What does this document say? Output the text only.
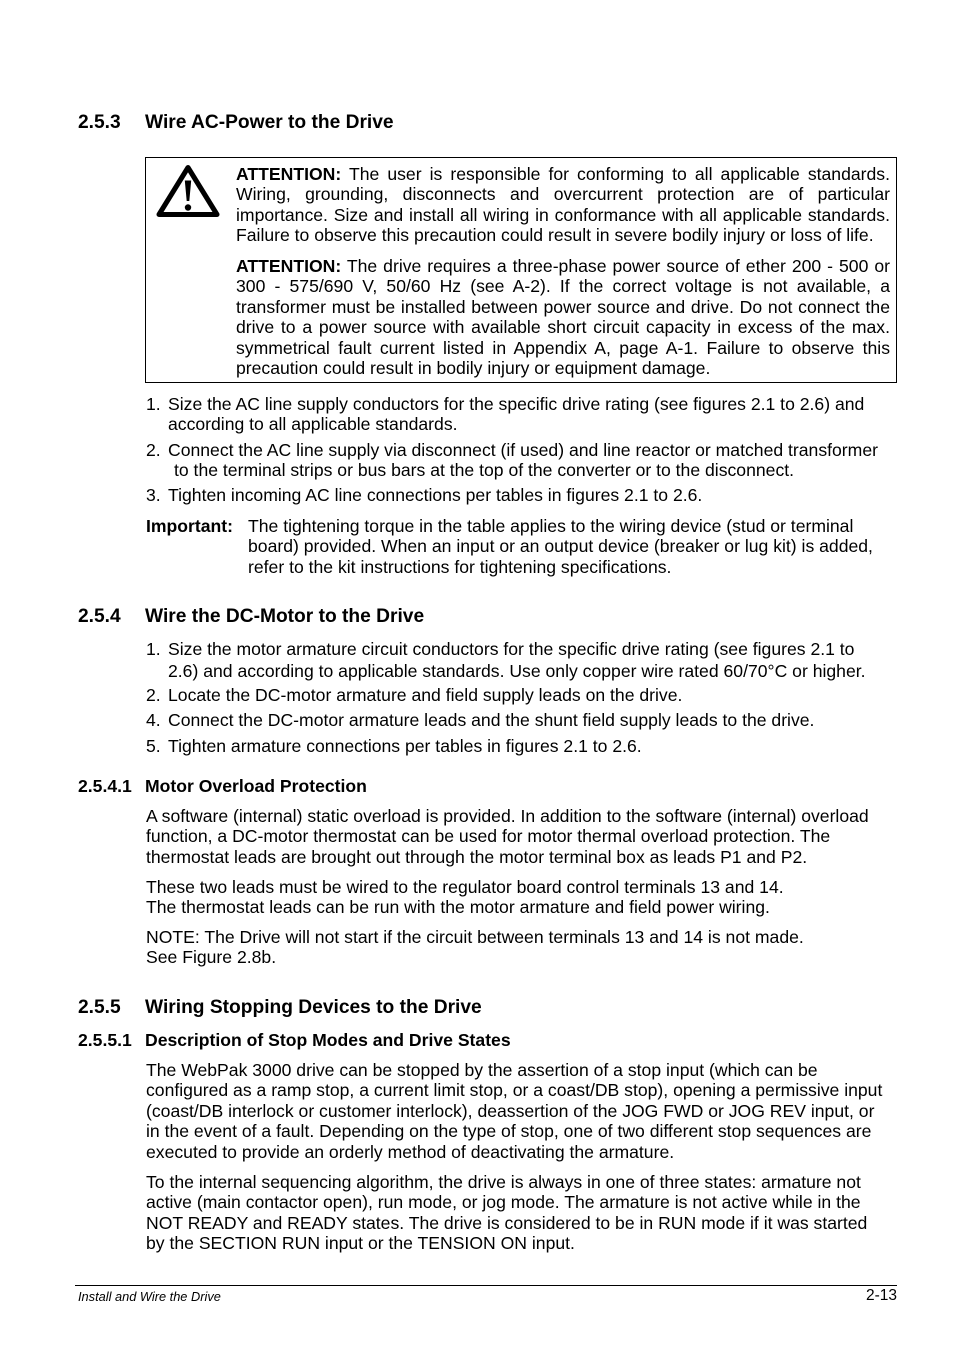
2.5.3 Wire AC-Power to the Drive
ATTENTION: The user is responsible for conforming to all applicable standards.
Wiring, grounding, disconnects and overcurrent protection are of particular
importance. Size and install all wiring in conformance with all applicable standards.
Failure to observe this precaution could result in severe bodily injury or loss of life.
ATTENTION: The drive requires a three-phase power source of ether 200 - 500 or
300 - 575/690 V, 50/60 Hz (see A-2). If the correct voltage is not available, a
transformer must be installed between power source and drive. Do not connect the
drive to a power source with available short circuit capacity in excess of the max.
symmetrical fault current listed in Appendix A, page A-1. Failure to observe this
precaution could result in bodily injury or equipment damage.
1. Size the AC line supply conductors for the specific drive rating (see figures 2.1 to 2.6) and
according to all applicable standards.
2. Connect the AC line supply via disconnect (if used) and line reactor or matched transformer
to the terminal strips or bus bars at the top of the converter or to the disconnect.
3. Tighten incoming AC line connections per tables in figures 2.1 to 2.6.
Important: The tightening torque in the table applies to the wiring device (stud or terminal
board) provided. When an input or an output device (breaker or lug kit) is added,
refer to the kit instructions for tightening specifications.
2.5.4 Wire the DC-Motor to the Drive
1. Size the motor armature circuit conductors for the specific drive rating (see figures 2.1 to
2.6) and according to applicable standards. Use only copper wire rated 60/70°C or higher.
2. Locate the DC-motor armature and field supply leads on the drive.
4. Connect the DC-motor armature leads and the shunt field supply leads to the drive.
5. Tighten armature connections per tables in figures 2.1 to 2.6.
2.5.4.1 Motor Overload Protection
A software (internal) static overload is provided. In addition to the software (internal) overload
function, a DC-motor thermostat can be used for motor thermal overload protection. The
thermostat leads are brought out through the motor terminal box as leads P1 and P2.
These two leads must be wired to the regulator board control terminals 13 and 14.
The thermostat leads can be run with the motor armature and field power wiring.
NOTE: The Drive will not start if the circuit between terminals 13 and 14 is not made.
See Figure 2.8b.
2.5.5 Wiring Stopping Devices to the Drive
2.5.5.1 Description of Stop Modes and Drive States
The WebPak 3000 drive can be stopped by the assertion of a stop input (which can be
configured as a ramp stop, a current limit stop, or a coast/DB stop), opening a permissive input
(coast/DB interlock or customer interlock), deassertion of the JOG FWD or JOG REV input, or
in the event of a fault. Depending on the type of stop, one of two different stop sequences are
executed to provide an orderly method of deactivating the armature.
To the internal sequencing algorithm, the drive is always in one of three states: armature not
active (main contactor open), run mode, or jog mode. The armature is not active while in the
NOT READY and READY states. The drive is considered to be in RUN mode if it was started
by the SECTION RUN input or the TENSION ON input.
Install and Wire the Drive	2-13
